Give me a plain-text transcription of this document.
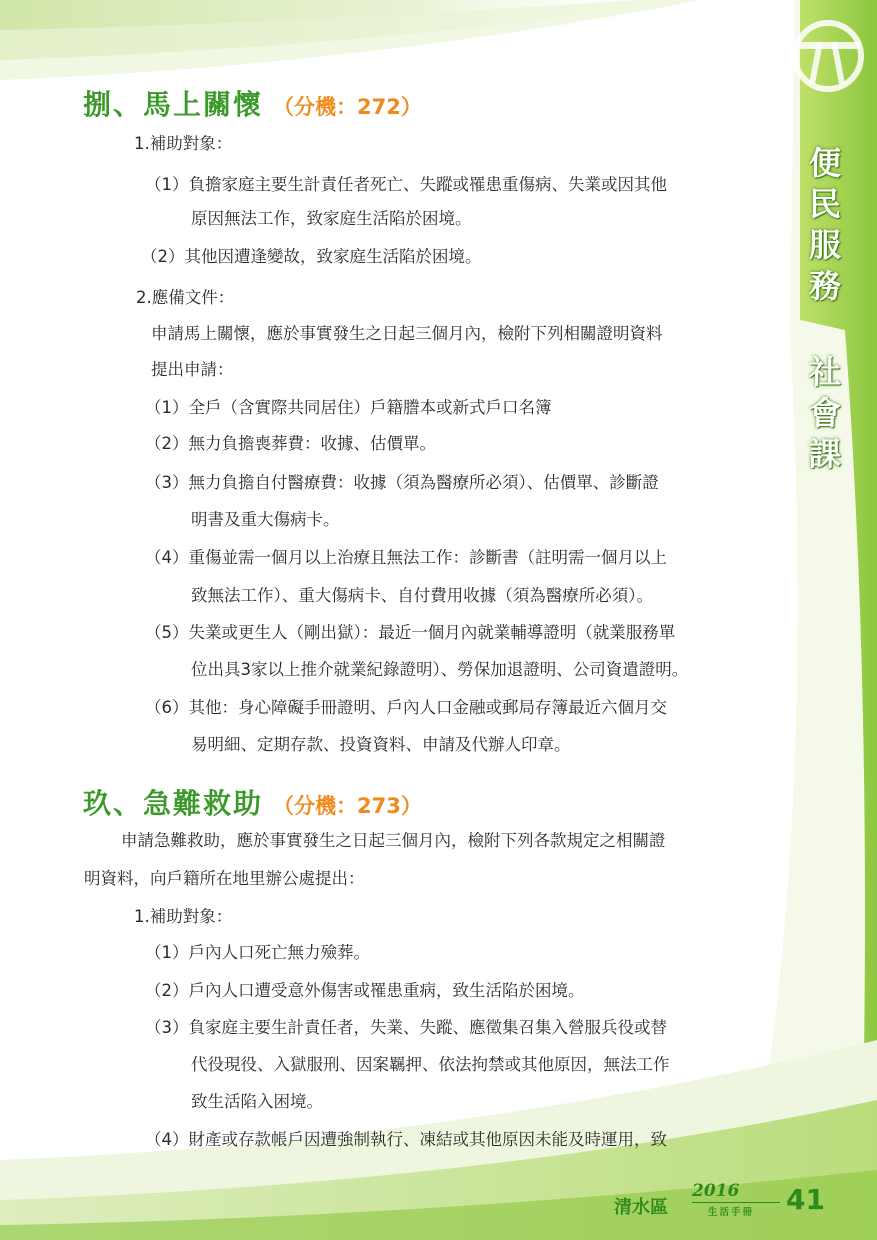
便
民
服
務
社
會
課
捌、馬上關懷 （分機：272）
1.補助對象：
（1）負擔家庭主要生計責任者死亡、失蹤或罹患重傷病、失業或因其他
原因無法工作，致家庭生活陷於困境。
（2）其他因遭逢變故，致家庭生活陷於困境。
2.應備文件：
申請馬上關懷，應於事實發生之日起三個月內，檢附下列相關證明資料
提出申請：
（1）全戶（含實際共同居住）戶籍謄本或新式戶口名簿
（2）無力負擔喪葬費：收據、估價單。
（3）無力負擔自付醫療費：收據（須為醫療所必須）、估價單、診斷證
明書及重大傷病卡。
（4）重傷並需一個月以上治療且無法工作：診斷書（註明需一個月以上
致無法工作）、重大傷病卡、自付費用收據（須為醫療所必須）。
（5）失業或更生人（剛出獄）：最近一個月內就業輔導證明（就業服務單
位出具3家以上推介就業紀錄證明）、勞保加退證明、公司資遣證明。
（6）其他：身心障礙手冊證明、戶內人口金融或郵局存簿最近六個月交
易明細、定期存款、投資資料、申請及代辦人印章。
玖、急難救助 （分機：273）
申請急難救助，應於事實發生之日起三個月內，檢附下列各款規定之相關證
明資料，向戶籍所在地里辦公處提出：
1.補助對象：
（1）戶內人口死亡無力殮葬。
（2）戶內人口遭受意外傷害或罹患重病，致生活陷於困境。
（3）負家庭主要生計責任者，失業、失蹤、應徵集召集入營服兵役或替
代役現役、入獄服刑、因案羈押、依法拘禁或其他原因，無法工作
致生活陷入困境。
（4）財產或存款帳戶因遭強制執行、凍結或其他原因未能及時運用，致
清水區
2016
生活手冊 41
